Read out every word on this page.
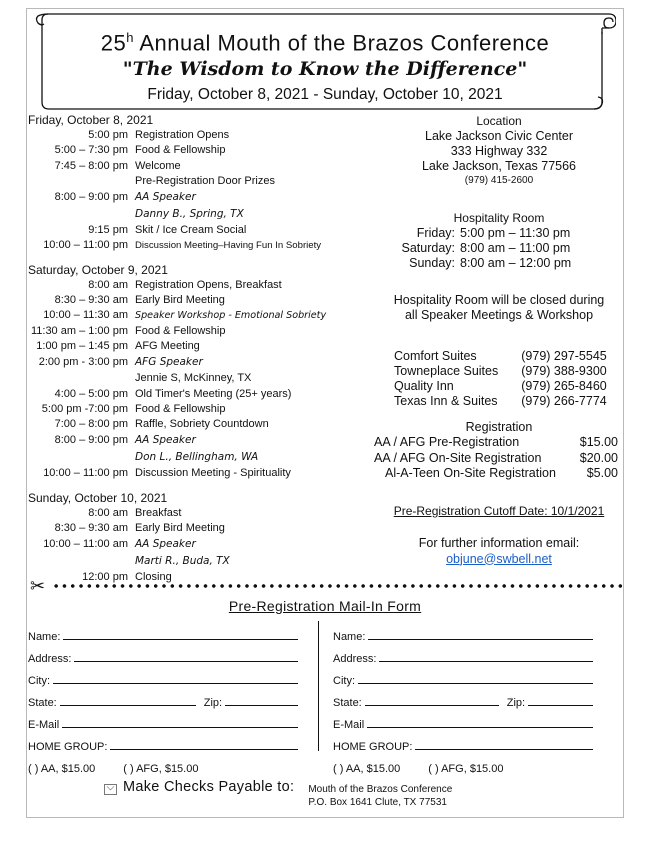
25$^h$ Annual Mouth of the Brazos Conference
"The Wisdom to Know the Difference"
Friday, October 8, 2021 - Sunday, October 10, 2021
Friday, October 8, 2021
5:00 pm Registration Opens
5:00 – 7:30 pm Food & Fellowship
7:45 – 8:00 pm Welcome
Pre-Registration Door Prizes
8:00 – 9:00 pm AA Speaker
Danny B., Spring, TX
9:15 pm Skit / Ice Cream Social
10:00 – 11:00 pm Discussion Meeting–Having Fun In Sobriety
Saturday, October 9, 2021
8:00 am Registration Opens, Breakfast
8:30 – 9:30 am Early Bird Meeting
10:00 – 11:30 am Speaker Workshop - Emotional Sobriety
11:30 am – 1:00 pm Food & Fellowship
1:00 pm – 1:45 pm AFG Meeting
2:00 pm - 3:00 pm AFG Speaker
Jennie S, McKinney, TX
4:00 – 5:00 pm Old Timer's Meeting (25+ years)
5:00 pm -7:00 pm Food & Fellowship
7:00 – 8:00 pm Raffle, Sobriety Countdown
8:00 – 9:00 pm AA Speaker
Don L., Bellingham, WA
10:00 – 11:00 pm Discussion Meeting - Spirituality
Sunday, October 10, 2021
8:00 am Breakfast
8:30 – 9:30 am Early Bird Meeting
10:00 – 11:00 am AA Speaker
Marti R., Buda, TX
12:00 pm Closing
Location
Lake Jackson Civic Center
333 Highway 332
Lake Jackson, Texas 77566
(979) 415-2600
Hospitality Room
Friday: 5:00 pm – 11:30 pm
Saturday: 8:00 am – 11:00 pm
Sunday: 8:00 am – 12:00 pm
Hospitality Room will be closed during
all Speaker Meetings & Workshop
Comfort Suites	(979) 297-5545
Towneplace Suites	(979) 388-9300
Quality Inn	(979) 265-8460
Texas Inn & Suites	(979) 266-7774
Registration
AA / AFG Pre-Registration	$15.00
AA / AFG On-Site Registration	$20.00
Al-A-Teen On-Site Registration	$5.00
Pre-Registration Cutoff Date: 10/1/2021
For further information email:
objune@swbell.net
✂
Pre-Registration Mail-In Form
Name:
Address:
City:
State:	Zip:
E-Mail
HOME GROUP:
( ) AA, $15.00	( ) AFG, $15.00
Name:
Address:
City:
State:	Zip:
E-Mail
HOME GROUP:
( ) AA, $15.00	( ) AFG, $15.00
Make Checks Payable to: Mouth of the Brazos Conference
P.O. Box 1641 Clute, TX 77531
